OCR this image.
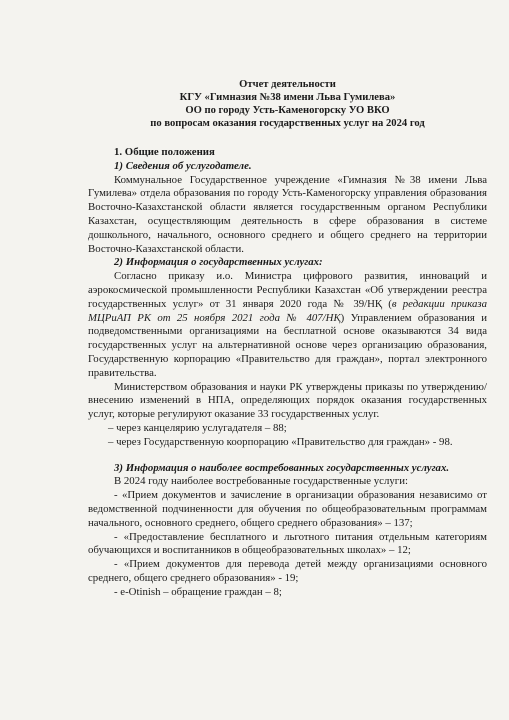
Отчет деятельности
КГУ «Гимназия №38 имени Льва Гумилева»
ОО по городу Усть-Каменогорску УО ВКО
по вопросам оказания государственных услуг на 2024 год

1. Общие положения

1) Сведения об услугодателе.

Коммунальное Государственное учреждение «Гимназия №38 имени Льва Гумилева» отдела образования по городу Усть-Каменогорску управления образования Восточно-Казахстанской области является государственным органом Республики Казахстан, осуществляющим деятельность в сфере образования в системе дошкольного, начального, основного среднего и общего среднего на территории Восточно-Казахстанской области.

2) Информация о государственных услугах:

Согласно приказу и.о. Министра цифрового развития, инноваций и аэрокосмической промышленности Республики Казахстан «Об утверждении реестра государственных услуг» от 31 января 2020 года № 39/НҚ (в редакции приказа МЦРиАП РК от 25 ноября 2021 года № 407/НҚ) Управлением образования и подведомственными организациями на бесплатной основе оказываются 34 вида государственных услуг на альтернативной основе через организацию образования, Государственную корпорацию «Правительство для граждан», портал электронного правительства.

Министерством образования и науки РК утверждены приказы по утверждению/внесению изменений в НПА, определяющих порядок оказания государственных услуг, которые регулируют оказание 33 государственных услуг.

– через канцелярию услугадателя – 88;

– через Государственную коорпорацию «Правительство для граждан» - 98.

3) Информация о наиболее востребованных государственных услугах.

В 2024 году наиболее востребованные государственные услуги:

- «Прием документов и зачисление в организации образования независимо от ведомственной подчиненности для обучения по общеобразовательным программам начального, основного среднего, общего среднего образования» – 137;

- «Предоставление бесплатного и льготного питания отдельным категориям обучающихся и воспитанников в общеобразовательных школах» – 12;

- «Прием документов для перевода детей между организациями основного среднего, общего среднего образования» - 19;

- e-Otinish – обращение граждан – 8;
